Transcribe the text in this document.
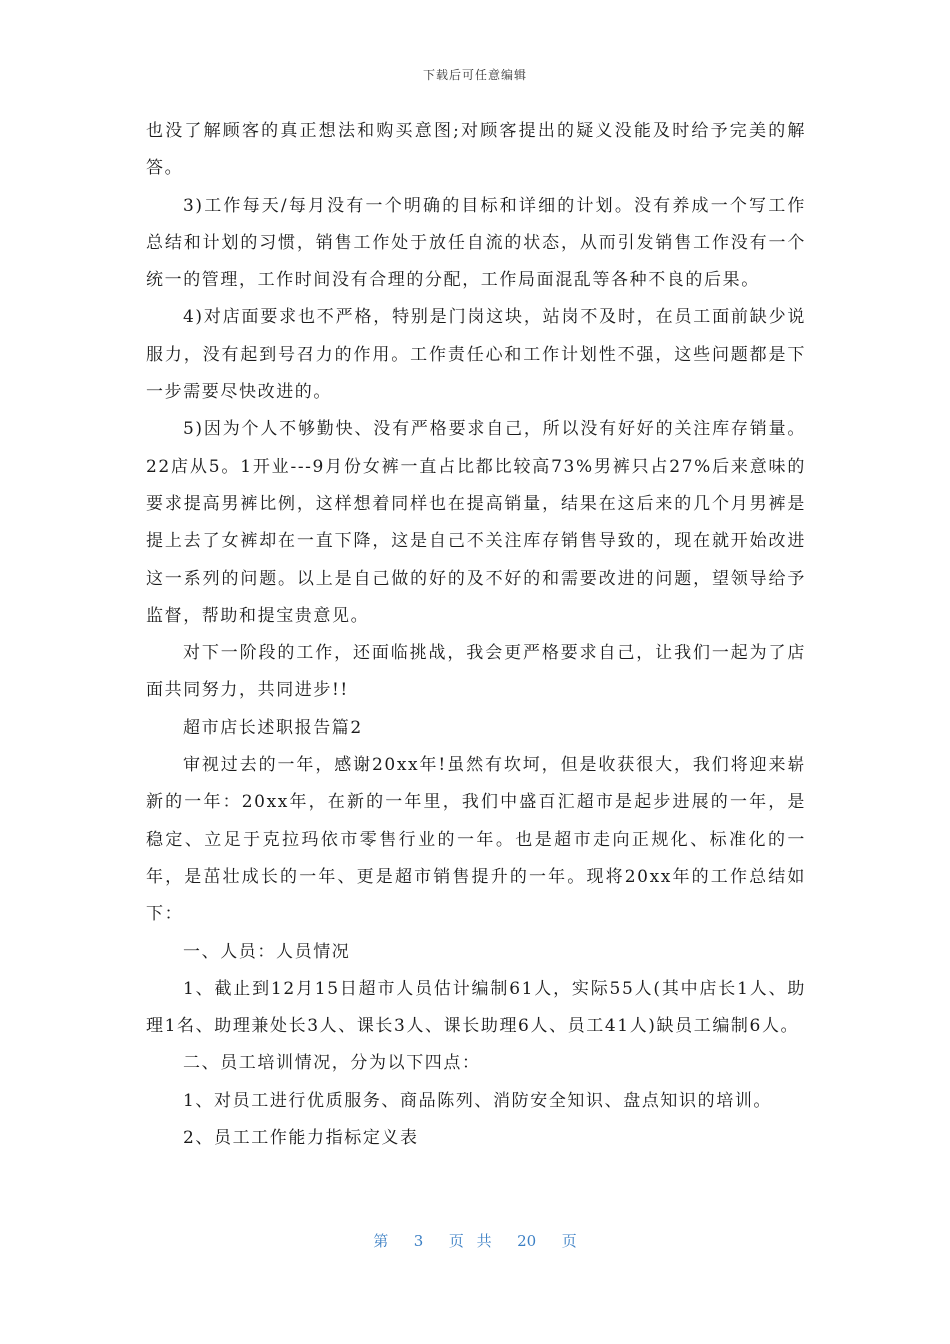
下载后可任意编辑

也没了解顾客的真正想法和购买意图;对顾客提出的疑义没能及时给予完美的解答。

3)工作每天/每月没有一个明确的目标和详细的计划。没有养成一个写工作总结和计划的习惯，销售工作处于放任自流的状态，从而引发销售工作没有一个统一的管理，工作时间没有合理的分配，工作局面混乱等各种不良的后果。

4)对店面要求也不严格，特别是门岗这块，站岗不及时，在员工面前缺少说服力，没有起到号召力的作用。工作责任心和工作计划性不强，这些问题都是下一步需要尽快改进的。

5)因为个人不够勤快、没有严格要求自己，所以没有好好的关注库存销量。22店从5。1开业---9月份女裤一直占比都比较高73%男裤只占27%后来意味的要求提高男裤比例，这样想着同样也在提高销量，结果在这后来的几个月男裤是提上去了女裤却在一直下降，这是自己不关注库存销售导致的，现在就开始改进这一系列的问题。以上是自己做的好的及不好的和需要改进的问题，望领导给予监督，帮助和提宝贵意见。

对下一阶段的工作，还面临挑战，我会更严格要求自己，让我们一起为了店面共同努力，共同进步!!

超市店长述职报告篇2

审视过去的一年，感谢20xx年!虽然有坎坷，但是收获很大，我们将迎来崭新的一年：20xx年，在新的一年里，我们中盛百汇超市是起步进展的一年，是稳定、立足于克拉玛依市零售行业的一年。也是超市走向正规化、标准化的一年，是茁壮成长的一年、更是超市销售提升的一年。现将20xx年的工作总结如下：

一、人员：人员情况

1、截止到12月15日超市人员估计编制61人，实际55人(其中店长1人、助理1名、助理兼处长3人、课长3人、课长助理6人、员工41人)缺员工编制6人。

二、员工培训情况，分为以下四点：

1、对员工进行优质服务、商品陈列、消防安全知识、盘点知识的培训。

2、员工工作能力指标定义表

第  3  页 共  20  页
